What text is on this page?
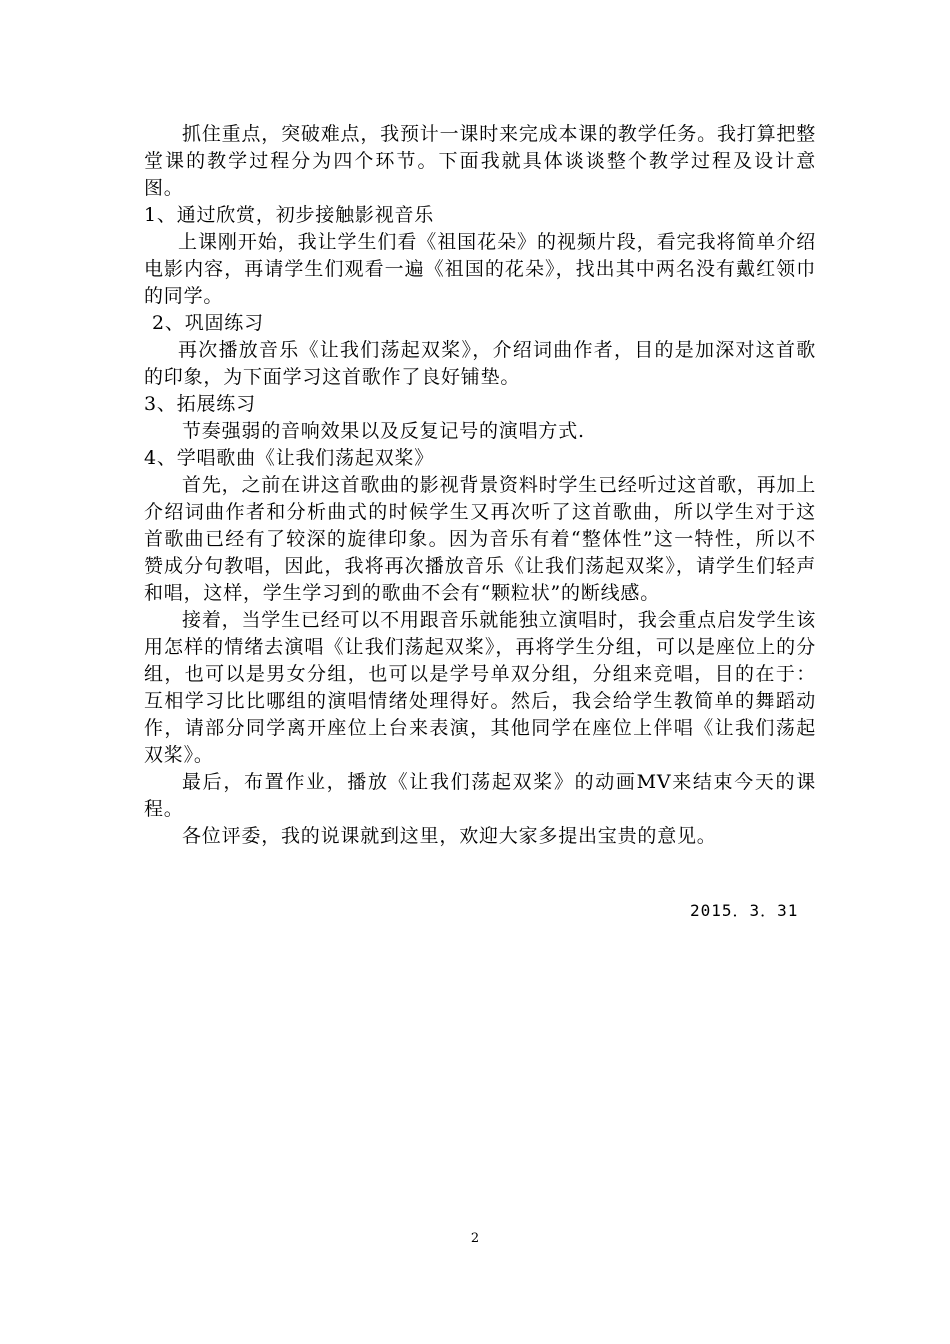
抓住重点，突破难点，我预计一课时来完成本课的教学任务。我打算把整堂课的教学过程分为四个环节。下面我就具体谈谈整个教学过程及设计意图。

1、通过欣赏，初步接触影视音乐

上课刚开始，我让学生们看《祖国花朵》的视频片段，看完我将简单介绍电影内容，再请学生们观看一遍《祖国的花朵》，找出其中两名没有戴红领巾的同学。

2、巩固练习

再次播放音乐《让我们荡起双桨》，介绍词曲作者，目的是加深对这首歌的印象，为下面学习这首歌作了良好铺垫。

3、拓展练习

节奏强弱的音响效果以及反复记号的演唱方式.

4、学唱歌曲《让我们荡起双桨》

首先，之前在讲这首歌曲的影视背景资料时学生已经听过这首歌，再加上介绍词曲作者和分析曲式的时候学生又再次听了这首歌曲，所以学生对于这首歌曲已经有了较深的旋律印象。因为音乐有着“整体性”这一特性，所以不赞成分句教唱，因此，我将再次播放音乐《让我们荡起双桨》，请学生们轻声和唱，这样，学生学习到的歌曲不会有“颗粒状”的断线感。

接着，当学生已经可以不用跟音乐就能独立演唱时，我会重点启发学生该用怎样的情绪去演唱《让我们荡起双桨》，再将学生分组，可以是座位上的分组，也可以是男女分组，也可以是学号单双分组，分组来竞唱，目的在于：互相学习比比哪组的演唱情绪处理得好。然后，我会给学生教简单的舞蹈动作，请部分同学离开座位上台来表演，其他同学在座位上伴唱《让我们荡起双桨》。

最后，布置作业，播放《让我们荡起双桨》的动画MV来结束今天的课程。

各位评委，我的说课就到这里，欢迎大家多提出宝贵的意见。

2015．3．31
2
